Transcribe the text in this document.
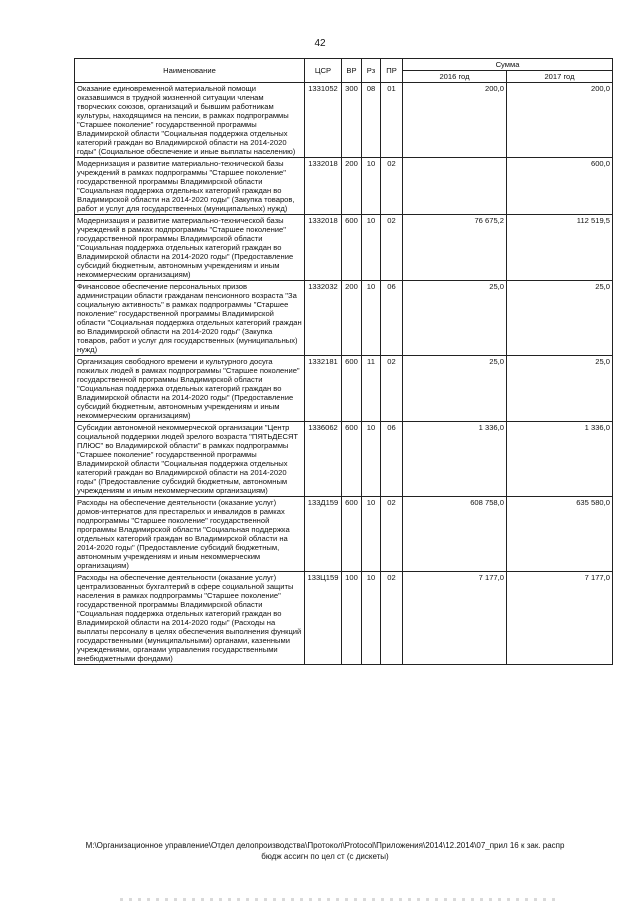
42
Наименование	ЦСР	ВР	Рз	ПР	Сумма	
					2016 год	2017 год
Оказание единовременной материальной помощи оказавшимся в трудной жизненной ситуации членам творческих союзов, организаций и бывшим работникам культуры, находящимся на пенсии, в рамках подпрограммы "Старшее поколение" государственной программы Владимирской области "Социальная поддержка отдельных категорий граждан во Владимирской области на 2014-2020 годы" (Социальное обеспечение и иные выплаты населению)	1331052	300	08	01	200,0	200,0
Модернизация и развитие материально-технической базы учреждений в рамках подпрограммы "Старшее поколение" государственной программы Владимирской области "Социальная поддержка отдельных категорий граждан во Владимирской области на 2014-2020 годы" (Закупка товаров, работ и услуг для государственных (муниципальных) нужд)	1332018	200	10	02		600,0
Модернизация и развитие материально-технической базы учреждений в рамках подпрограммы "Старшее поколение" государственной программы Владимирской области "Социальная поддержка отдельных категорий граждан во Владимирской области на 2014-2020 годы" (Предоставление субсидий бюджетным, автономным учреждениям и иным некоммерческим организациям)	1332018	600	10	02	76 675,2	112 519,5
Финансовое обеспечение персональных призов администрации области гражданам пенсионного возраста "За социальную активность" в рамках подпрограммы "Старшее поколение" государственной программы Владимирской области "Социальная поддержка отдельных категорий граждан во Владимирской области на 2014-2020 годы" (Закупка товаров, работ и услуг для государственных (муниципальных) нужд)	1332032	200	10	06	25,0	25,0
Организация свободного времени и культурного досуга пожилых людей в рамках подпрограммы "Старшее поколение" государственной программы Владимирской области "Социальная поддержка отдельных категорий граждан во Владимирской области на 2014-2020 годы" (Предоставление субсидий бюджетным, автономным учреждениям и иным некоммерческим организациям)	1332181	600	11	02	25,0	25,0
Субсидии автономной некоммерческой организации "Центр социальной поддержки людей зрелого возраста "ПЯТЬДЕСЯТ ПЛЮС" во Владимирской области" в рамках подпрограммы "Старшее поколение" государственной программы Владимирской области "Социальная поддержка отдельных категорий граждан во Владимирской области на 2014-2020 годы" (Предоставление субсидий бюджетным, автономным учреждениям и иным некоммерческим организациям)	1336062	600	10	06	1 336,0	1 336,0
Расходы на обеспечение деятельности (оказание услуг) домов-интернатов для престарелых и инвалидов в рамках подпрограммы "Старшее поколение" государственной программы Владимирской области "Социальная поддержка отдельных категорий граждан во Владимирской области на 2014-2020 годы" (Предоставление субсидий бюджетным, автономным учреждениям и иным некоммерческим организациям)	133Д159	600	10	02	608 758,0	635 580,0
Расходы на обеспечение деятельности (оказание услуг) централизованных бухгалтерий в сфере социальной защиты населения в рамках подпрограммы "Старшее поколение" государственной программы Владимирской области "Социальная поддержка отдельных категорий граждан во Владимирской области на 2014-2020 годы" (Расходы на выплаты персоналу в целях обеспечения выполнения функций государственными (муниципальными) органами, казенными учреждениями, органами управления государственными внебюджетными фондами)	133Ц159	100	10	02	7 177,0	7 177,0
M:\Организационное управление\Отдел делопроизводства\Протокол\Protocol\Приложения\2014\12.2014\07_прил 16 к зак. распр
бюдж ассигн по цел ст (с дискеты)
